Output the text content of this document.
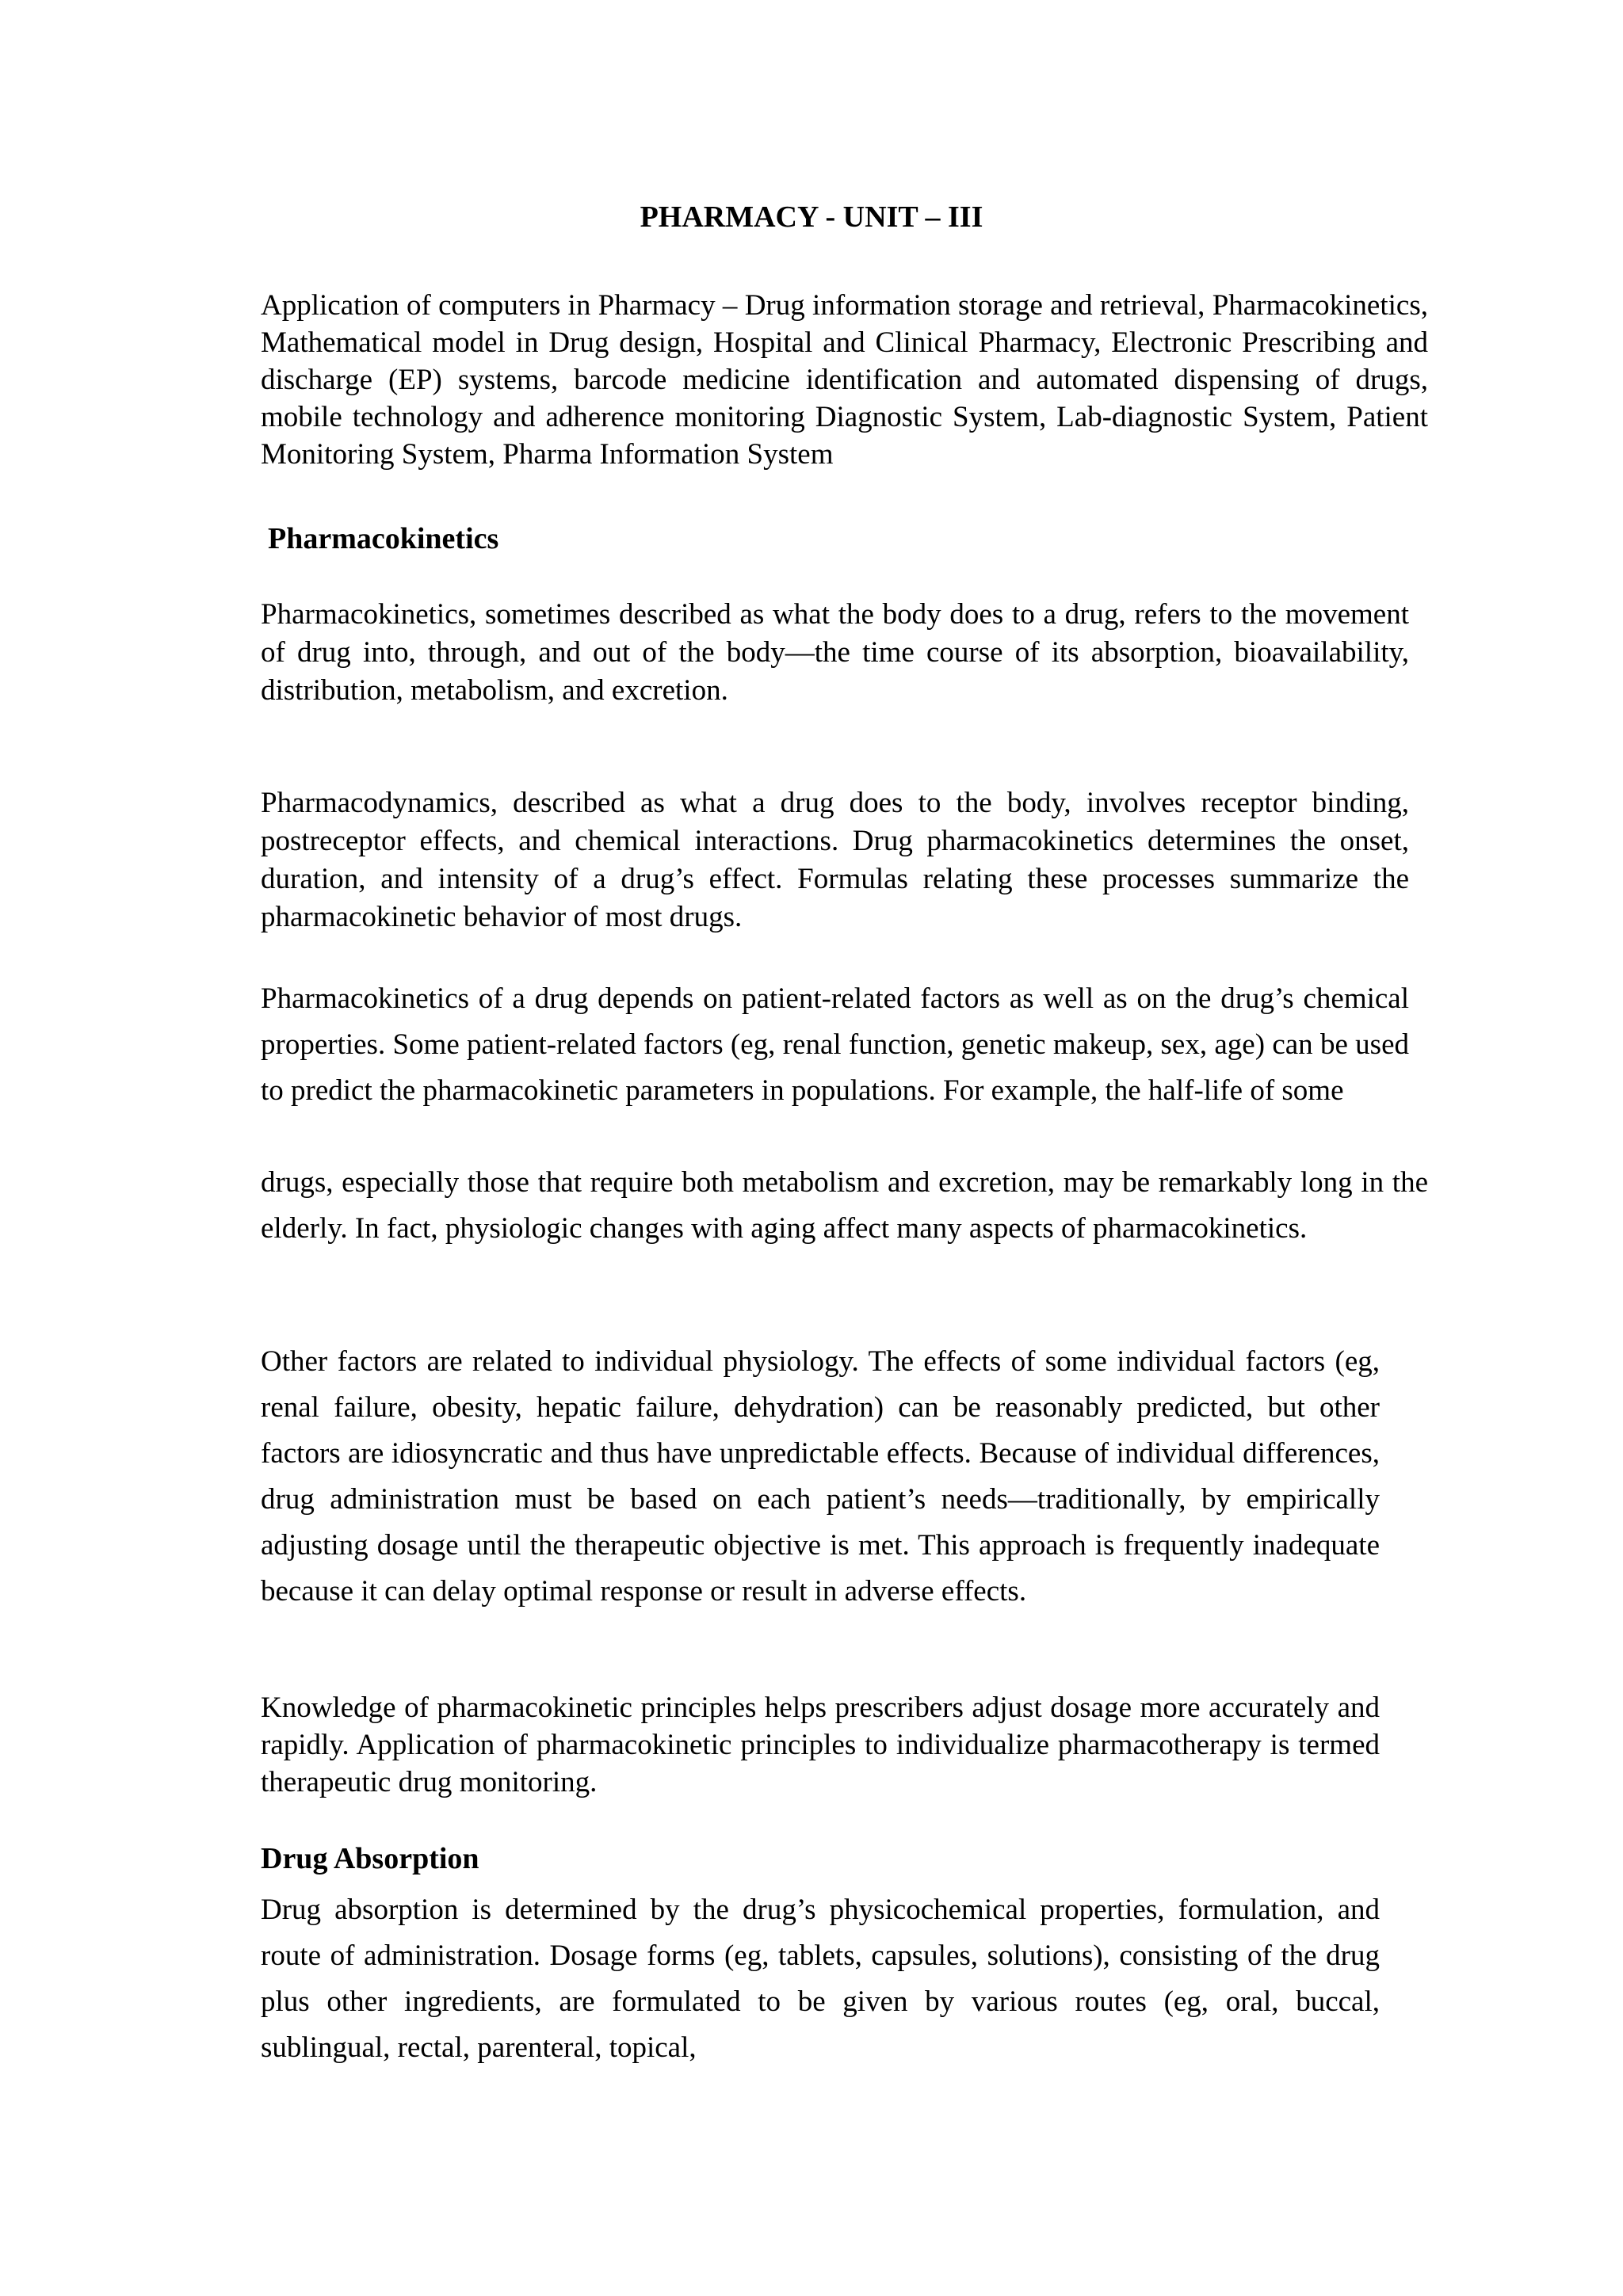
PHARMACY - UNIT – III

Application of computers in Pharmacy – Drug information storage and retrieval, Pharmacokinetics, Mathematical model in Drug design, Hospital and Clinical Pharmacy, Electronic Prescribing and discharge (EP) systems, barcode medicine identification and automated dispensing of drugs, mobile technology and adherence monitoring Diagnostic System, Lab-diagnostic System, Patient Monitoring System, Pharma Information System

Pharmacokinetics

Pharmacokinetics, sometimes described as what the body does to a drug, refers to the movement of drug into, through, and out of the body—the time course of its absorption, bioavailability, distribution, metabolism, and excretion.

Pharmacodynamics, described as what a drug does to the body, involves receptor binding, postreceptor effects, and chemical interactions. Drug pharmacokinetics determines the onset, duration, and intensity of a drug’s effect. Formulas relating these processes summarize the pharmacokinetic behavior of most drugs.

Pharmacokinetics of a drug depends on patient-related factors as well as on the drug’s chemical properties. Some patient-related factors (eg, renal function, genetic makeup, sex, age) can be used to predict the pharmacokinetic parameters in populations. For example, the half-life of some

drugs, especially those that require both metabolism and excretion, may be remarkably long in the elderly. In fact, physiologic changes with aging affect many aspects of pharmacokinetics.

Other factors are related to individual physiology. The effects of some individual factors (eg, renal failure, obesity, hepatic failure, dehydration) can be reasonably predicted, but other factors are idiosyncratic and thus have unpredictable effects. Because of individual differences, drug administration must be based on each patient’s needs—traditionally, by empirically adjusting dosage until the therapeutic objective is met. This approach is frequently inadequate because it can delay optimal response or result in adverse effects.

Knowledge of pharmacokinetic principles helps prescribers adjust dosage more accurately and rapidly. Application of pharmacokinetic principles to individualize pharmacotherapy is termed therapeutic drug monitoring.

Drug Absorption

Drug absorption is determined by the drug’s physicochemical properties, formulation, and route of administration. Dosage forms (eg, tablets, capsules, solutions), consisting of the drug plus other ingredients, are formulated to be given by various routes (eg, oral, buccal, sublingual, rectal, parenteral, topical,
